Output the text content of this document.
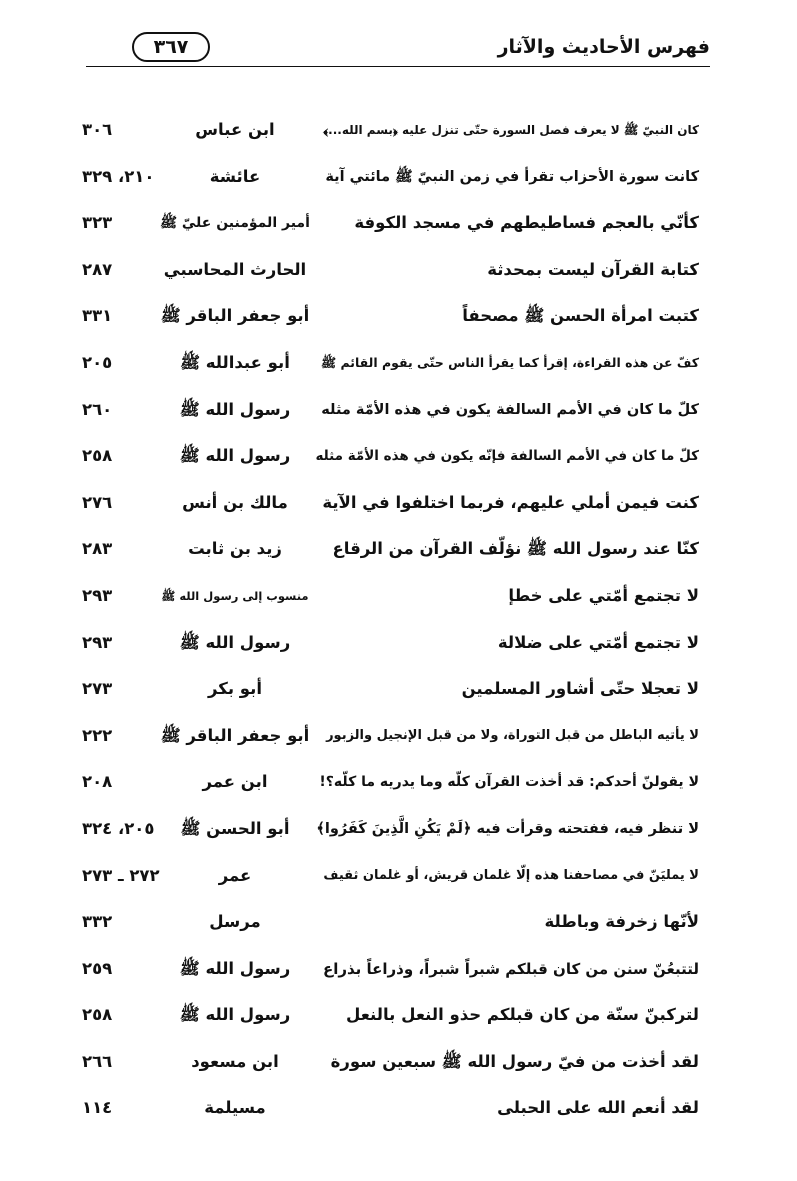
فهرس الأحاديث والآثار
٣٦٧
كان النبيّ ﷺ لا يعرف فصل السورة حتّى تنزل عليه ﴿بسم الله...﴾
ابن عباس
٣٠٦
كانت سورة الأحزاب تقرأ في زمن النبيّ ﷺ مائتي آية
عائشة
٢١٠، ٣٢٩
كأنّي بالعجم فساطيطهم في مسجد الكوفة
أمير المؤمنين عليّ ﷺ
٣٢٣
كتابة القرآن ليست بمحدثة
الحارث المحاسبي
٢٨٧
كتبت امرأة الحسن ﷺ مصحفاً
أبو جعفر الباقر ﷺ
٣٣١
كفّ عن هذه القراءة، إقرأ كما يقرأ الناس حتّى يقوم القائم ﷺ
أبو عبدالله ﷺ
٢٠٥
كلّ ما كان في الأمم السالفة يكون في هذه الأمّة مثله
رسول الله ﷺ
٢٦٠
كلّ ما كان في الأمم السالفة فإنّه يكون في هذه الأمّة مثله
رسول الله ﷺ
٢٥٨
كنت فيمن أملي عليهم، فربما اختلفوا في الآية
مالك بن أنس
٢٧٦
كنّا عند رسول الله ﷺ نؤلّف القرآن من الرقاع
زيد بن ثابت
٢٨٣
لا تجتمع أمّتي على خطإ
منسوب إلى رسول الله ﷺ
٢٩٣
لا تجتمع أمّتي على ضلالة
رسول الله ﷺ
٢٩٣
لا تعجلا حتّى أشاور المسلمين
أبو بكر
٢٧٣
لا يأتيه الباطل من قبل التوراة، ولا من قبل الإنجيل والزبور
أبو جعفر الباقر ﷺ
٢٢٢
لا يقولنّ أحدكم: قد أخذت القرآن كلّه وما يدريه ما كلّه؟!
ابن عمر
٢٠٨
لا تنظر فيه، ففتحته وقرأت فيه ﴿لَمْ يَكُنِ الَّذِينَ كَفَرُوا﴾
أبو الحسن ﷺ
٢٠٥، ٣٢٤
لا يمليَنّ في مصاحفنا هذه إلّا غلمان قريش، أو غلمان ثقيف
عمر
٢٧٢ ـ ٢٧٣
لأنّها زخرفة وباطلة
مرسل
٣٣٢
لتتبعُنّ سنن من كان قبلكم شبراً شبراً، وذراعاً بذراع
رسول الله ﷺ
٢٥٩
لتركبنّ سنّة من كان قبلكم حذو النعل بالنعل
رسول الله ﷺ
٢٥٨
لقد أخذت من فيّ رسول الله ﷺ سبعين سورة
ابن مسعود
٢٦٦
لقد أنعم الله على الحبلى
مسيلمة
١١٤
